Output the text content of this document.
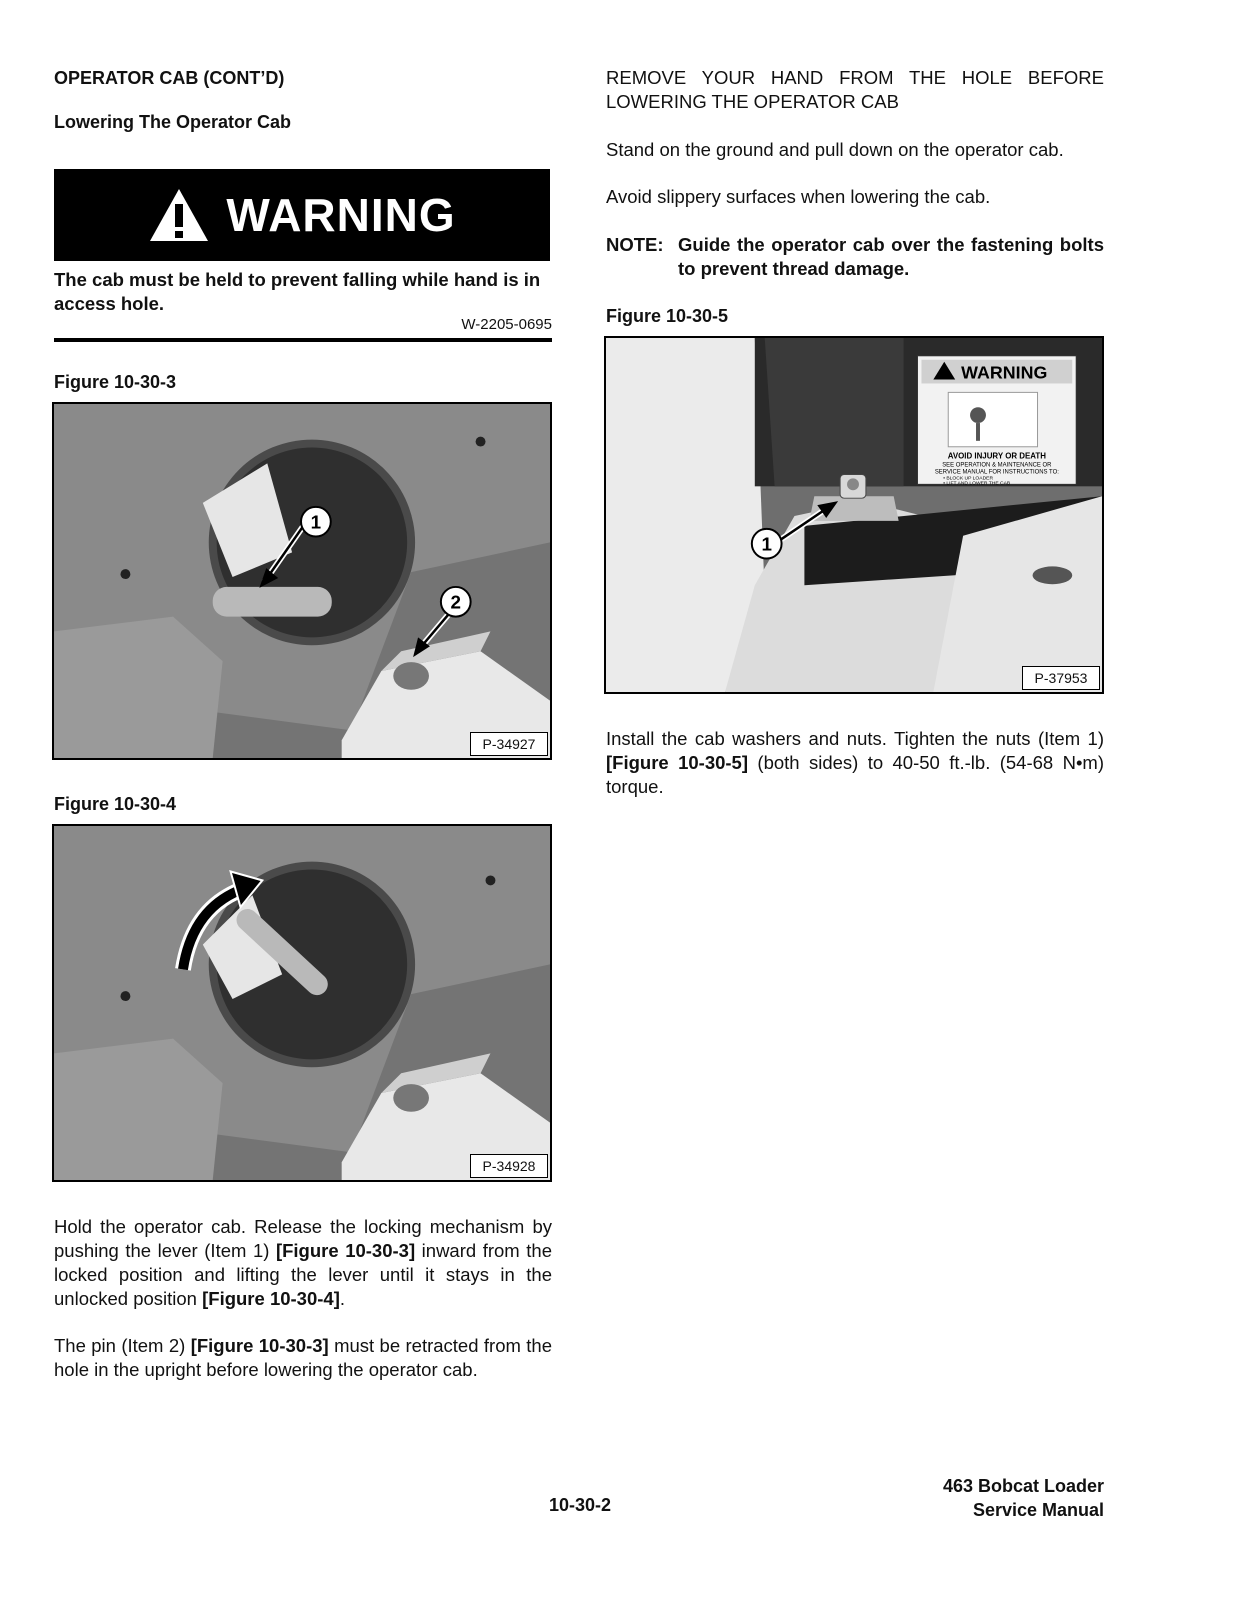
OPERATOR CAB (CONT’D)
Lowering The Operator Cab
WARNING
The cab must be held to prevent falling while hand is in access hole.
W-2205-0695
Figure 10-30-3
1
2
P-34927
Figure 10-30-4
P-34928
Hold the operator cab. Release the locking mechanism by pushing the lever (Item 1) [Figure 10-30-3] inward from the locked position and lifting the lever until it stays in the unlocked position [Figure 10-30-4].
The pin (Item 2) [Figure 10-30-3] must be retracted from the hole in the upright before lowering the operator cab.
REMOVE YOUR HAND FROM THE HOLE BEFORE LOWERING THE OPERATOR CAB
Stand on the ground and pull down on the operator cab.
Avoid slippery surfaces when lowering the cab.
NOTE: Guide the operator cab over the fastening bolts to prevent thread damage.
Figure 10-30-5
WARNING
AVOID INJURY OR DEATH
SEE OPERATION & MAINTENANCE OR
SERVICE MANUAL FOR INSTRUCTIONS TO:
• BLOCK UP LOADER
• LIFT AND LOWER THE CAB
1
P-37953
Install the cab washers and nuts. Tighten the nuts (Item 1) [Figure 10-30-5] (both sides) to 40-50 ft.-lb. (54-68 N•m) torque.
10-30-2
463 Bobcat Loader
Service Manual
